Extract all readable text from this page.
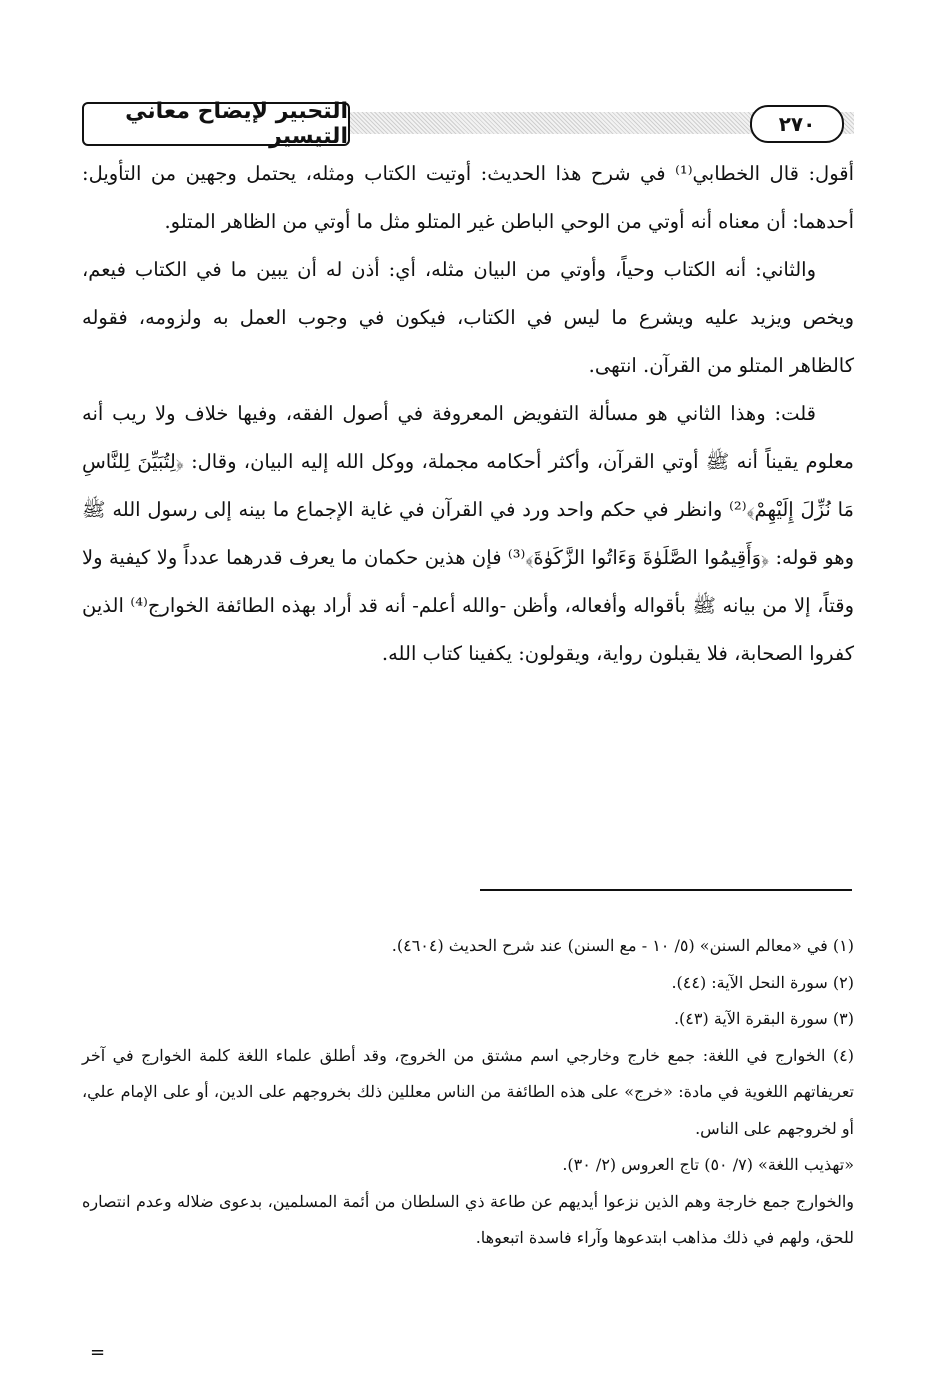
التحبير لإيضاح معاني التيسير	٢٧٠

أقول: قال الخطابي⁽¹⁾ في شرح هذا الحديث: أوتيت الكتاب ومثله، يحتمل وجهين من التأويل: أحدهما: أن معناه أنه أوتي من الوحي الباطن غير المتلو مثل ما أوتي من الظاهر المتلو.

والثاني: أنه الكتاب وحياً، وأوتي من البيان مثله، أي: أذن له أن يبين ما في الكتاب فيعم، ويخص ويزيد عليه ويشرع ما ليس في الكتاب، فيكون في وجوب العمل به ولزومه، فقوله كالظاهر المتلو من القرآن. انتهى.

قلت: وهذا الثاني هو مسألة التفويض المعروفة في أصول الفقه، وفيها خلاف ولا ريب أنه معلوم يقيناً أنه ﷺ أوتي القرآن، وأكثر أحكامه مجملة، ووكل الله إليه البيان، وقال: ﴿لِتُبَيِّنَ لِلنَّاسِ مَا نُزِّلَ إِلَيْهِمْ﴾⁽²⁾ وانظر في حكم واحد ورد في القرآن في غاية الإجماع ما بينه إلى رسول الله ﷺ وهو قوله: ﴿وَأَقِيمُوا الصَّلَوٰةَ وَءَاتُوا الزَّكَوٰةَ﴾⁽³⁾ فإن هذين حكمان ما يعرف قدرهما عدداً ولا كيفية ولا وقتاً، إلا من بيانه ﷺ بأقواله وأفعاله، وأظن -والله أعلم- أنه قد أراد بهذه الطائفة الخوارج⁽⁴⁾ الذين كفروا الصحابة، فلا يقبلون رواية، ويقولون: يكفينا كتاب الله.

(١) في «معالم السنن» (٥/ ١٠ - مع السنن) عند شرح الحديث (٤٦٠٤).

(٢) سورة النحل الآية: (٤٤).

(٣) سورة البقرة الآية (٤٣).

(٤) الخوارج في اللغة: جمع خارج وخارجي اسم مشتق من الخروج، وقد أطلق علماء اللغة كلمة الخوارج في آخر تعريفاتهم اللغوية في مادة: «خرج» على هذه الطائفة من الناس معللين ذلك بخروجهم على الدين، أو على الإمام علي، أو لخروجهم على الناس.

«تهذيب اللغة» (٧/ ٥٠) تاج العروس (٢/ ٣٠).

والخوارج جمع خارجة وهم الذين نزعوا أيديهم عن طاعة ذي السلطان من أئمة المسلمين، بدعوى ضلاله وعدم انتصاره للحق، ولهم في ذلك مذاهب ابتدعوها وآراء فاسدة اتبعوها.

=
